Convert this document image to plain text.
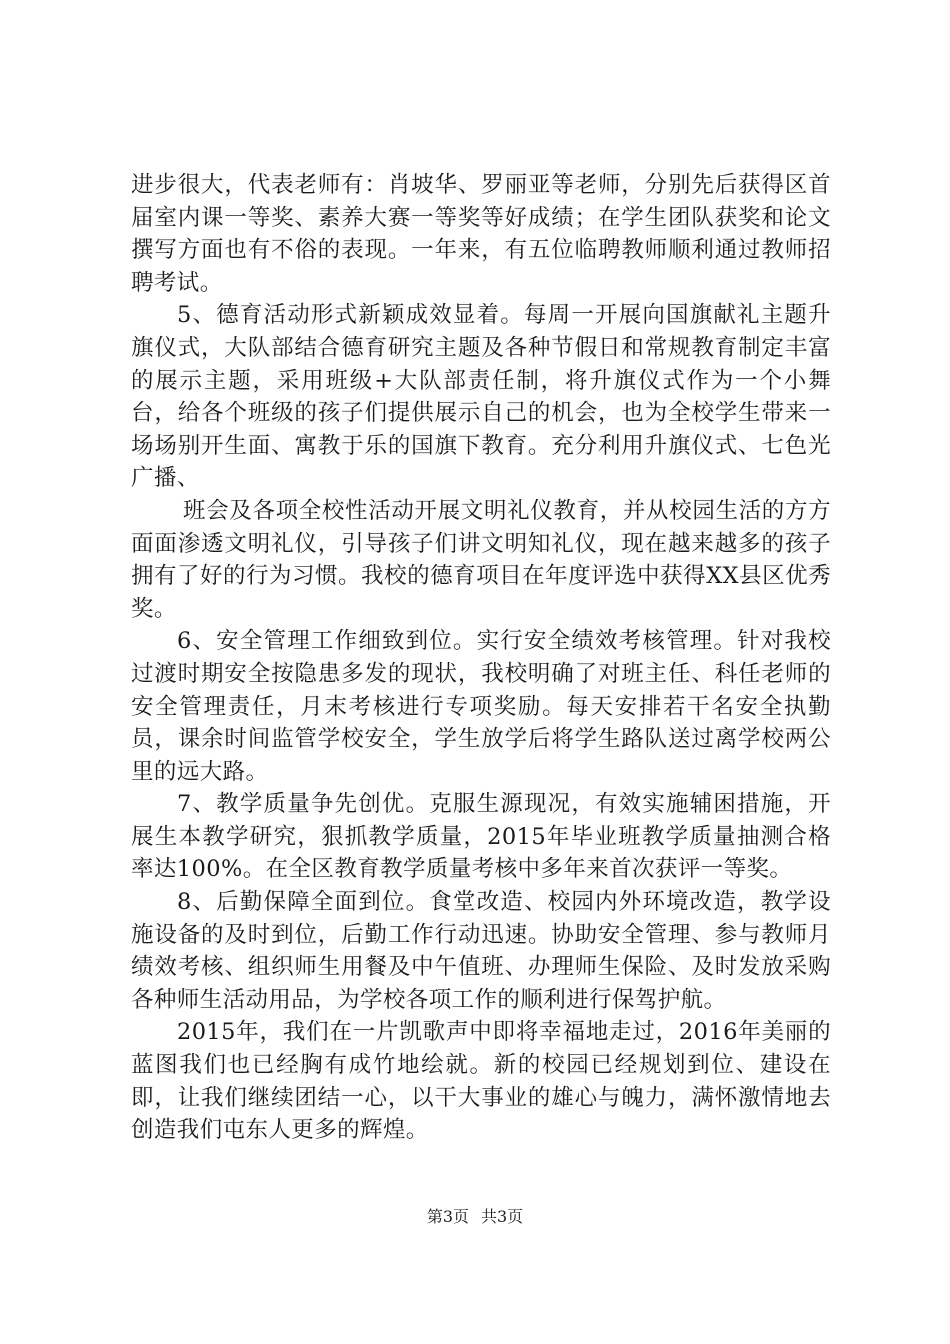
进步很大，代表老师有：肖坡华、罗丽亚等老师，分别先后获得区首届室内课一等奖、素养大赛一等奖等好成绩；在学生团队获奖和论文撰写方面也有不俗的表现。一年来，有五位临聘教师顺利通过教师招聘考试。

5、德育活动形式新颖成效显着。每周一开展向国旗献礼主题升旗仪式，大队部结合德育研究主题及各种节假日和常规教育制定丰富的展示主题，采用班级+大队部责任制，将升旗仪式作为一个小舞台，给各个班级的孩子们提供展示自己的机会，也为全校学生带来一场场别开生面、寓教于乐的国旗下教育。充分利用升旗仪式、七色光广播、

班会及各项全校性活动开展文明礼仪教育，并从校园生活的方方面面渗透文明礼仪，引导孩子们讲文明知礼仪，现在越来越多的孩子拥有了好的行为习惯。我校的德育项目在年度评选中获得XX县区优秀奖。

6、安全管理工作细致到位。实行安全绩效考核管理。针对我校过渡时期安全按隐患多发的现状，我校明确了对班主任、科任老师的安全管理责任，月末考核进行专项奖励。每天安排若干名安全执勤员，课余时间监管学校安全，学生放学后将学生路队送过离学校两公里的远大路。

7、教学质量争先创优。克服生源现况，有效实施辅困措施，开展生本教学研究，狠抓教学质量，2015年毕业班教学质量抽测合格率达100%。在全区教育教学质量考核中多年来首次获评一等奖。

8、后勤保障全面到位。食堂改造、校园内外环境改造，教学设施设备的及时到位，后勤工作行动迅速。协助安全管理、参与教师月绩效考核、组织师生用餐及中午值班、办理师生保险、及时发放采购各种师生活动用品，为学校各项工作的顺利进行保驾护航。

2015年，我们在一片凯歌声中即将幸福地走过，2016年美丽的蓝图我们也已经胸有成竹地绘就。新的校园已经规划到位、建设在即，让我们继续团结一心，以干大事业的雄心与魄力，满怀激情地去创造我们屯东人更多的辉煌。

第3页 共3页
